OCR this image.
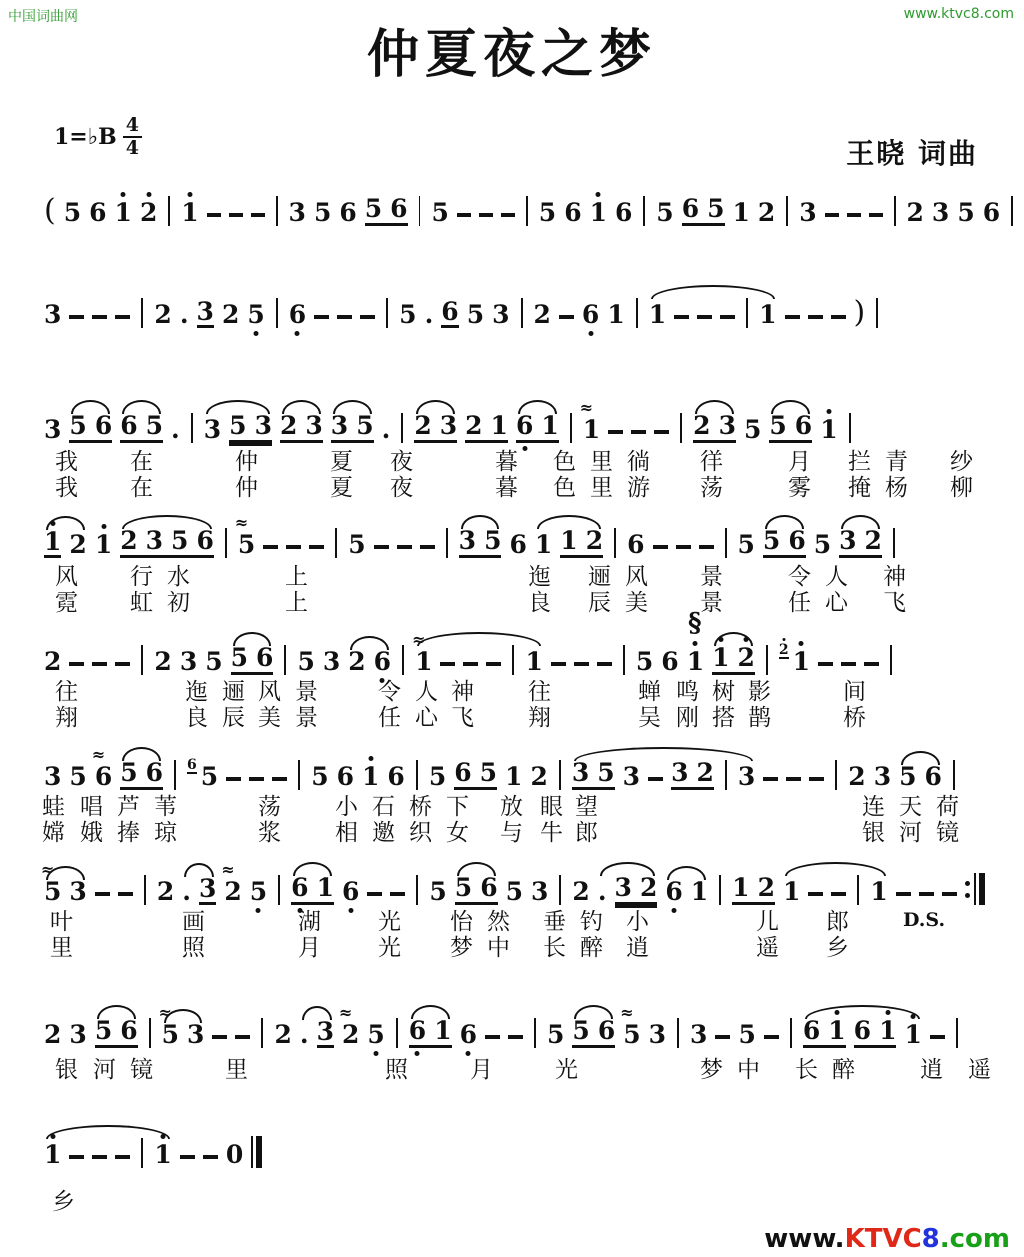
中国词曲网	www.ktvc8.com
仲夏夜之梦
1=♭B $\frac{4}{4}$	王晓 词曲
( 5 6 1 2 1	3 5 6 5 6 5	5 6 1 6 5 6 5 1 2 3	2 3 5 6
3	2 . 3 2 5 6	5 . 6 5 3 2 6 1 1	1	)
3 5 6 6 5 . 3 5 3 2 3 3 5 . 2 3 2 1 6 1 1
≈
2 3 5 5 6 1
我 在	仲	夏 夜	暮 色 里 徜 徉	月 拦 青 纱
我 在	仲	夏 夜	暮 色 里 游 荡	雾 掩 杨 柳
1 2 1 2 3 5 6 5
≈
5	3 5 6 1 1 2 6	5 5 6 5 3 2
风 行 水	上	迤 逦 风 景	令 人 神
霓 虹 初	上	良 辰 美 景	任 心 飞
2	2 3 5 5 6 5 3 2 6 1
≈
1	5 6 1 1 2 2 1
往	迤 逦 风 景	令 人 神 往	蝉 鸣 树 影	间
翔	良 辰 美 景	任 心 飞 翔	吴 刚 搭 鹊	桥
3 5 6
≈
5 6 6 5	5 6 1 6 5 6 5 1 2 3 5 3 3 2 3	2 3 5 6
蛙 唱 芦 苇	荡 小 石 桥 下 放 眼 望	连 天 荷
嫦 娥 捧 琼	浆 相 邀 织 女 与 牛 郎	银 河 镜
5
≈
3	2 . 3 2
≈
5 6 1 6	5 5 6 5 3 2 . 3 2 6 1 1 2 1	1
叶	画	湖 光 怡 然 垂 钓 小	儿 郎	D.S.
里	照	月 光 梦 中 长 醉 逍	遥 乡
2 3 5 6 5
≈
3	2 . 3 2
≈
5 6 1 6	5 5 6 5
≈
3 3 5 6 1 6 1 1
银 河 镜	里	照	月	光	梦 中 长 醉	逍 遥
1	1 0
乡
§
www.KTVC8.com
